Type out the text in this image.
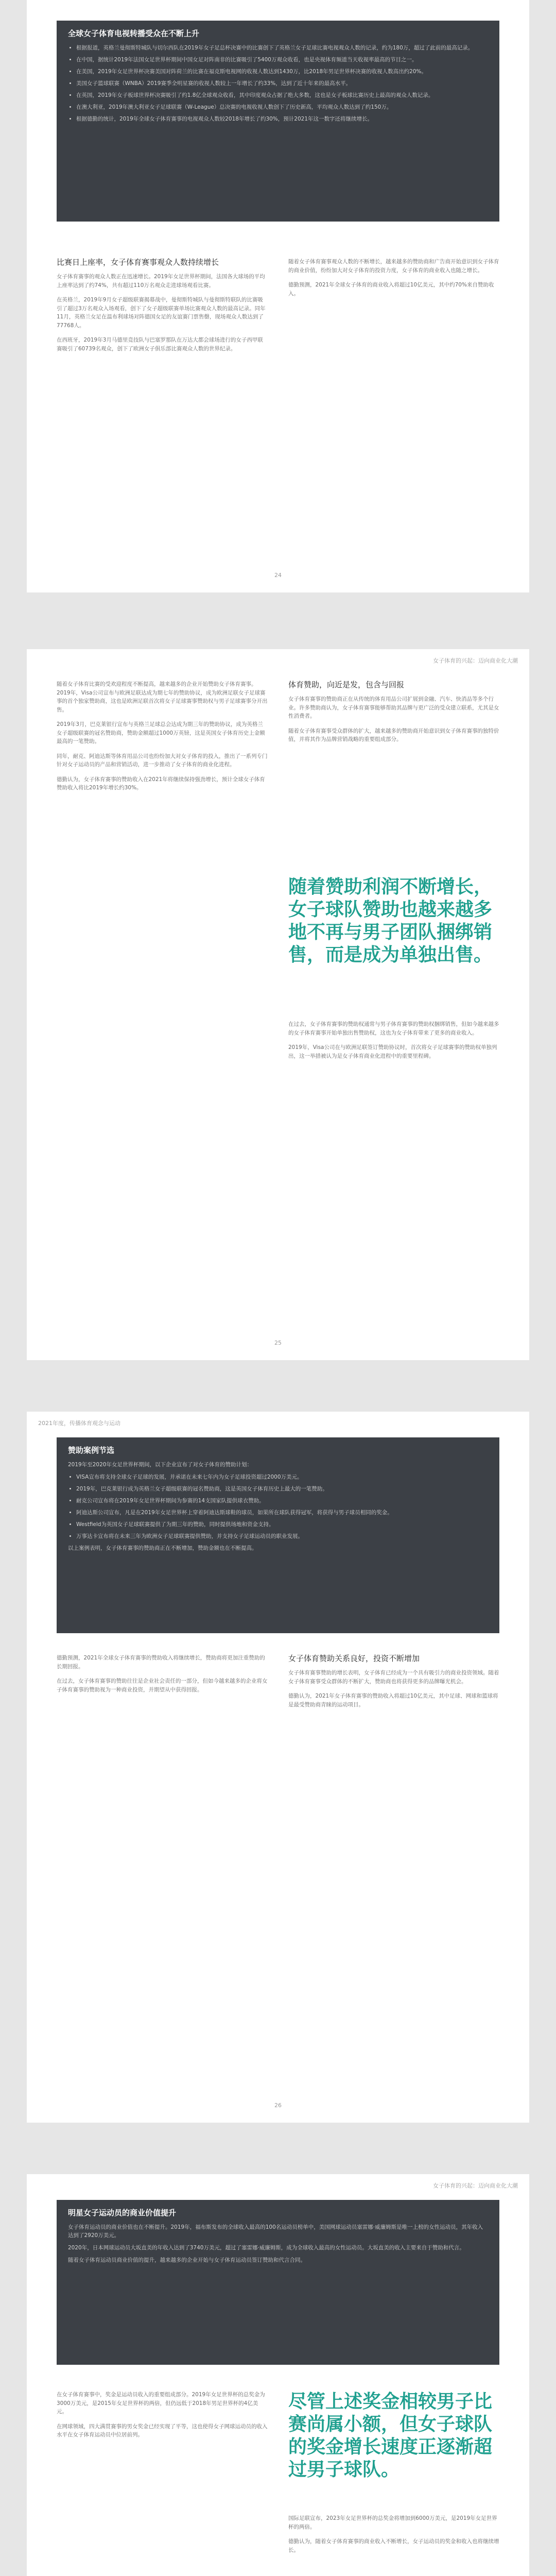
全球女子体育电视转播受众在不断上升
• 根据报道，英格兰曼彻斯特城队与切尔西队在2019年女子足总杯决赛中的比赛创下了英格兰女子足球比赛电视观众人数的记录，约为180万，超过了此前的最高记录。
• 在中国，据统计2019年法国女足世界杯期间中国女足对阵南非的比赛吸引了5400万观众收看，也是央视体育频道当天收视率最高的节目之一。
• 在美国，2019年女足世界杯决赛美国对阵荷兰的比赛在福克斯电视网的收视人数达到1430万，比2018年男足世界杯决赛的收视人数高出约20%。
• 美国女子篮球联赛（WNBA）2019赛季全明星赛的收视人数较上一年增长了约33%，达到了近十年来的最高水平。
• 在英国，2019年女子板球世界杯决赛吸引了约1.8亿全球观众收看，其中印度观众占据了绝大多数，这也是女子板球比赛历史上最高的观众人数记录。
• 在澳大利亚，2019年澳大利亚女子足球联赛（W-League）总决赛的电视收视人数创下了历史新高，平均观众人数达到了约150万。
• 根据德勤的统计，2019年全球女子体育赛事的电视观众人数较2018年增长了约30%，预计2021年这一数字还将继续增长。
比赛日上座率，女子体育赛事观众人数持续增长

女子体育赛事的观众人数正在迅速增长。2019年女足世界杯期间，法国各大球场的平均上座率达到了约74%，共有超过110万名观众走进球场观看比赛。

在英格兰，2019年9月女子超级联赛揭幕战中，曼彻斯特城队与曼彻斯特联队的比赛吸引了超过3万名观众入场观看，创下了女子超级联赛单场比赛观众人数的最高记录。同年11月，英格兰女足在温布利球场对阵德国女足的友谊赛门票售罄，现场观众人数达到了77768人。

在西班牙，2019年3月马德里竞技队与巴塞罗那队在万达大都会球场进行的女子西甲联赛吸引了60739名观众，创下了欧洲女子俱乐部比赛观众人数的世界纪录。

随着女子体育赛事观众人数的不断增长，越来越多的赞助商和广告商开始意识到女子体育的商业价值，纷纷加大对女子体育的投资力度，女子体育的商业收入也随之增长。

德勤预测，2021年全球女子体育的商业收入将超过10亿美元，其中约70%来自赞助收入。

24
女子体育的兴起：迈向商业化大潮

随着女子体育比赛的受欢迎程度不断提高，越来越多的企业开始赞助女子体育赛事。2019年，Visa公司宣布与欧洲足联达成为期七年的赞助协议，成为欧洲足联女子足球赛事的首个独家赞助商，这也是欧洲足联首次将女子足球赛事赞助权与男子足球赛事分开出售。

2019年3月，巴克莱银行宣布与英格兰足球总会达成为期三年的赞助协议，成为英格兰女子超级联赛的冠名赞助商，赞助金额超过1000万英镑，这是英国女子体育历史上金额最高的一笔赞助。

同年，耐克、阿迪达斯等体育用品公司也纷纷加大对女子体育的投入，推出了一系列专门针对女子运动员的产品和营销活动，进一步推动了女子体育的商业化进程。

德勤认为，女子体育赛事的赞助收入在2021年将继续保持强劲增长，预计全球女子体育赞助收入将比2019年增长约30%。

体育赞助，向近是发，包含与回报

女子体育赛事的赞助商正在从传统的体育用品公司扩展到金融、汽车、快消品等多个行业。许多赞助商认为，女子体育赛事能够帮助其品牌与更广泛的受众建立联系，尤其是女性消费者。

随着女子体育赛事受众群体的扩大，越来越多的赞助商开始意识到女子体育赛事的独特价值，并将其作为品牌营销战略的重要组成部分。

随着赞助利润不断增长，女子球队赞助也越来越多地不再与男子团队捆绑销售，而是成为单独出售。

在过去，女子体育赛事的赞助权通常与男子体育赛事的赞助权捆绑销售，但如今越来越多的女子体育赛事开始单独出售赞助权，这也为女子体育带来了更多的商业收入。

2019年，Visa公司在与欧洲足联签订赞助协议时，首次将女子足球赛事的赞助权单独列出，这一举措被认为是女子体育商业化进程中的重要里程碑。

25
2021年度，传播体育观念与运动
赞助案例节选

2019年至2020年女足世界杯期间，以下企业宣布了对女子体育的赞助计划：

• VISA宣布将支持全球女子足球的发展，并承诺在未来七年内为女子足球投资超过2000万美元。
• 2019年，巴克莱银行成为英格兰女子超级联赛的冠名赞助商，这是英国女子体育历史上最大的一笔赞助。
• 耐克公司宣布将在2019年女足世界杯期间为参赛的14支国家队提供球衣赞助。
• 阿迪达斯公司宣布，凡是在2019年女足世界杯上穿着阿迪达斯球鞋的球员，如果所在球队获得冠军，将获得与男子球员相同的奖金。
• Westfield为英国女子足球联赛提供了为期三年的赞助，同时提供场地和资金支持。
• 万事达卡宣布将在未来三年为欧洲女子足球联赛提供赞助，并支持女子足球运动员的职业发展。

以上案例表明，女子体育赛事的赞助商正在不断增加，赞助金额也在不断提高。

德勤预测，2021年全球女子体育赛事的赞助收入将继续增长，赞助商将更加注重赞助的长期回报。

在过去，女子体育赛事的赞助往往是企业社会责任的一部分，但如今越来越多的企业将女子体育赛事的赞助视为一种商业投资，并期望从中获得回报。

女子体育赞助关系良好，投资不断增加

女子体育赛事赞助的增长表明，女子体育已经成为一个具有吸引力的商业投资领域。随着女子体育赛事受众群体的不断扩大，赞助商也将获得更多的品牌曝光机会。

德勤认为，2021年女子体育赛事的赞助收入将超过10亿美元，其中足球、网球和篮球将是最受赞助商青睐的运动项目。

26
女子体育的兴起：迈向商业化大潮
明星女子运动员的商业价值提升

女子体育运动员的商业价值也在不断提升。2019年，福布斯发布的全球收入最高的100名运动员榜单中，美国网球运动员塞雷娜·威廉姆斯是唯一上榜的女性运动员，其年收入达到了2920万美元。

2020年，日本网球运动员大坂直美的年收入达到了3740万美元，超过了塞雷娜·威廉姆斯，成为全球收入最高的女性运动员。大坂直美的收入主要来自于赞助和代言。

随着女子体育运动员商业价值的提升，越来越多的企业开始与女子体育运动员签订赞助和代言合同。

在女子体育赛事中，奖金是运动员收入的重要组成部分。2019年女足世界杯的总奖金为3000万美元，是2015年女足世界杯的两倍，但仍远低于2018年男足世界杯的4亿美元。

在网球领域，四大满贯赛事的男女奖金已经实现了平等，这也使得女子网球运动员的收入水平在女子体育运动员中位居前列。

尽管上述奖金相较男子比赛尚属小额，但女子球队的奖金增长速度正逐渐超过男子球队。

国际足联宣布，2023年女足世界杯的总奖金将增加到6000万美元，是2019年女足世界杯的两倍。

德勤认为，随着女子体育赛事的商业收入不断增长，女子运动员的奖金和收入也将继续增长。
